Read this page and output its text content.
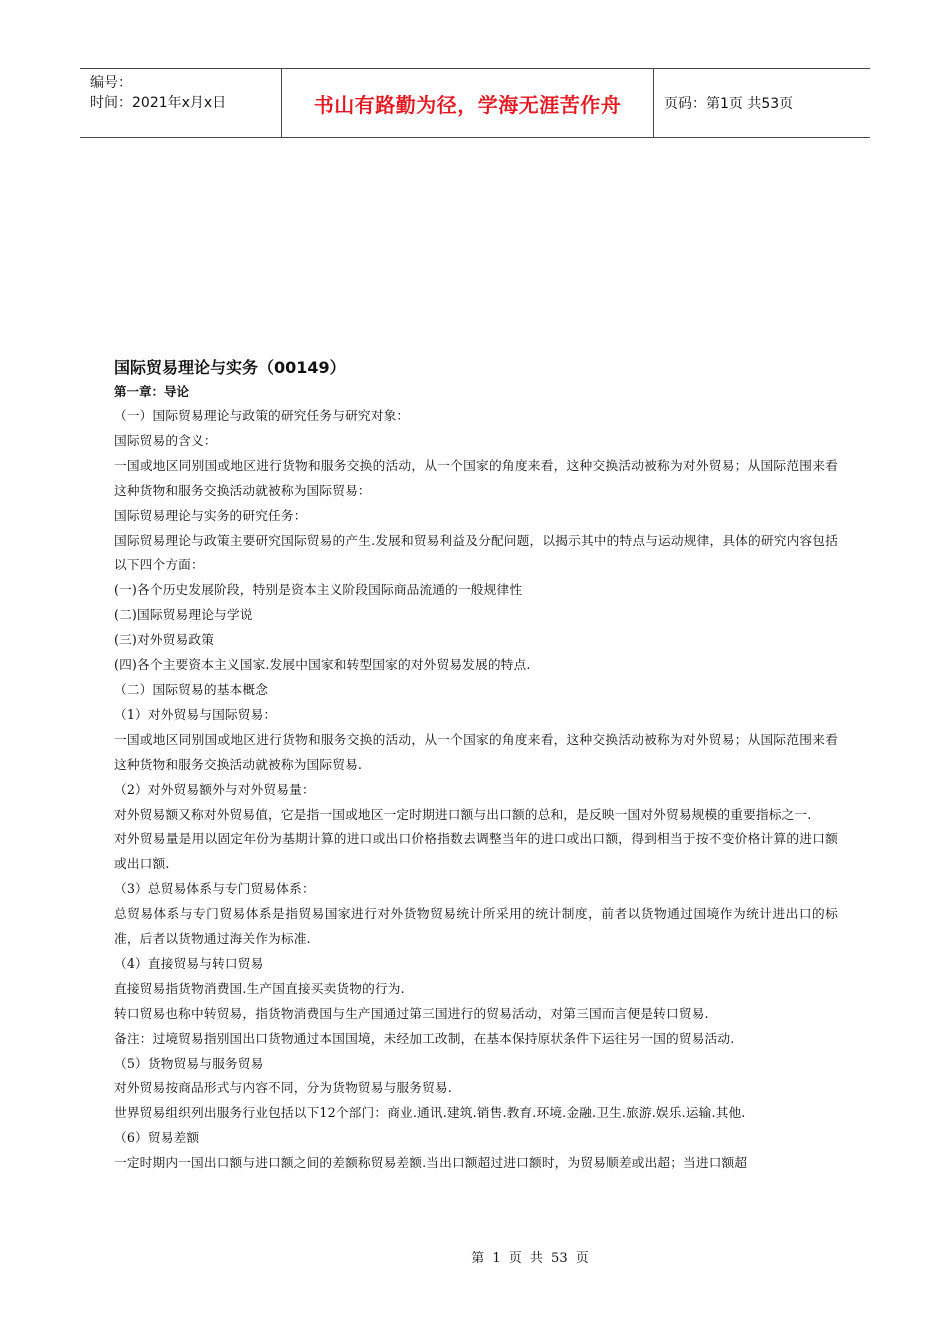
编号：
时间：2021年x月x日	书山有路勤为径，学海无涯苦作舟	页码：第1页 共53页
国际贸易理论与实务（00149）
第一章：导论

（一）国际贸易理论与政策的研究任务与研究对象：

国际贸易的含义：

一国或地区同别国或地区进行货物和服务交换的活动，从一个国家的角度来看，这种交换活动被称为对外贸易；从国际范围来看这种货物和服务交换活动就被称为国际贸易：

国际贸易理论与实务的研究任务：

国际贸易理论与政策主要研究国际贸易的产生.发展和贸易利益及分配问题，以揭示其中的特点与运动规律，具体的研究内容包括以下四个方面：

(一)各个历史发展阶段，特别是资本主义阶段国际商品流通的一般规律性

(二)国际贸易理论与学说

(三)对外贸易政策

(四)各个主要资本主义国家.发展中国家和转型国家的对外贸易发展的特点.

（二）国际贸易的基本概念

（1）对外贸易与国际贸易：

一国或地区同别国或地区进行货物和服务交换的活动，从一个国家的角度来看，这种交换活动被称为对外贸易；从国际范围来看这种货物和服务交换活动就被称为国际贸易.

（2）对外贸易额外与对外贸易量：

对外贸易额又称对外贸易值，它是指一国或地区一定时期进口额与出口额的总和，是反映一国对外贸易规模的重要指标之一.

对外贸易量是用以固定年份为基期计算的进口或出口价格指数去调整当年的进口或出口额，得到相当于按不变价格计算的进口额或出口额.

（3）总贸易体系与专门贸易体系：

总贸易体系与专门贸易体系是指贸易国家进行对外货物贸易统计所采用的统计制度，前者以货物通过国境作为统计进出口的标准，后者以货物通过海关作为标准.

（4）直接贸易与转口贸易

直接贸易指货物消费国.生产国直接买卖货物的行为.

转口贸易也称中转贸易，指货物消费国与生产国通过第三国进行的贸易活动，对第三国而言便是转口贸易.

备注：过境贸易指别国出口货物通过本国国境，未经加工改制，在基本保持原状条件下运往另一国的贸易活动.

（5）货物贸易与服务贸易

对外贸易按商品形式与内容不同，分为货物贸易与服务贸易.

世界贸易组织列出服务行业包括以下12个部门：商业.通讯.建筑.销售.教育.环境.金融.卫生.旅游.娱乐.运输.其他.

（6）贸易差额

一定时期内一国出口额与进口额之间的差额称贸易差额.当出口额超过进口额时，为贸易顺差或出超；当进口额超

第 1 页 共 53 页
